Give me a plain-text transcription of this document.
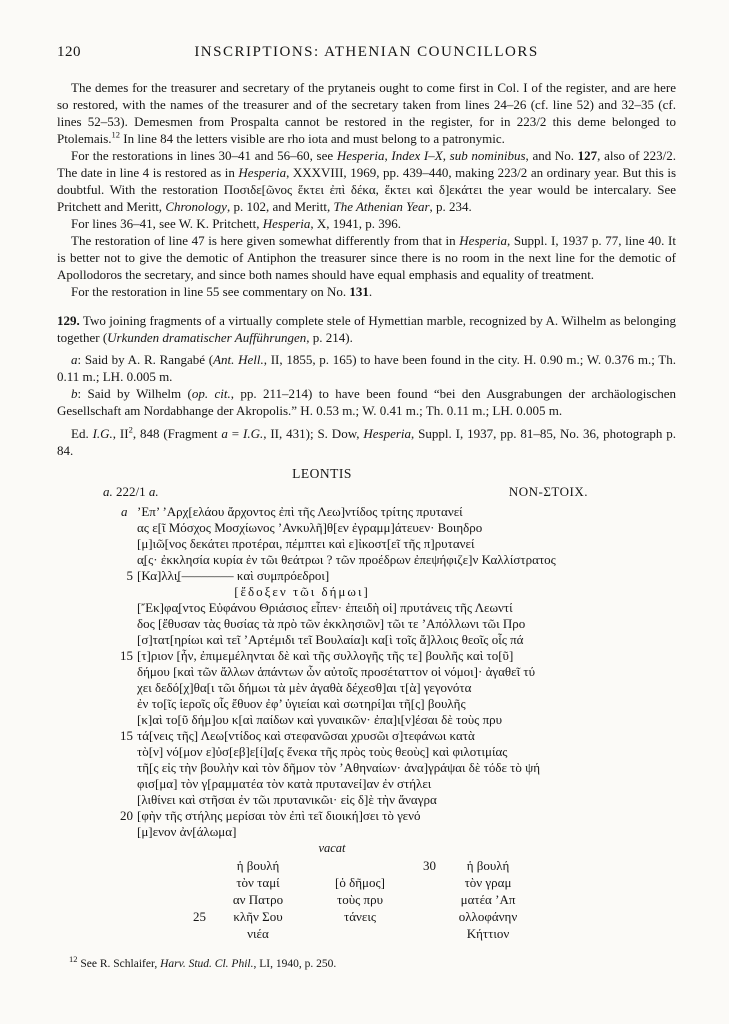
120	INSCRIPTIONS: ATHENIAN COUNCILLORS

The demes for the treasurer and secretary of the prytaneis ought to come first in Col. I of the register, and are here so restored, with the names of the treasurer and of the secretary taken from lines 24–26 (cf. line 52) and 32–35 (cf. lines 52–53). Demesmen from Prospalta cannot be restored in the register, for in 223/2 this deme belonged to Ptolemais.$^{12}$ In line 84 the letters visible are rho iota and must belong to a patronymic.

For the restorations in lines 30–41 and 56–60, see Hesperia, Index I–X, sub nominibus, and No. 127, also of 223/2. The date in line 4 is restored as in Hesperia, XXXVIII, 1969, pp. 439–440, making 223/2 an ordinary year. But this is doubtful. With the restoration Ποσιδε[ῶνος ἕκτει ἐπὶ δέκα, ἕκτει καὶ δ]εκάτει the year would be intercalary. See Pritchett and Meritt, Chronology, p. 102, and Meritt, The Athenian Year, p. 234.

For lines 36–41, see W. K. Pritchett, Hesperia, X, 1941, p. 396.

The restoration of line 47 is here given somewhat differently from that in Hesperia, Suppl. I, 1937 p. 77, line 40. It is better not to give the demotic of Antiphon the treasurer since there is no room in the next line for the demotic of Apollodoros the secretary, and since both names should have equal emphasis and equality of treatment.

For the restoration in line 55 see commentary on No. 131.

129. Two joining fragments of a virtually complete stele of Hymettian marble, recognized by A. Wilhelm as belonging together (Urkunden dramatischer Aufführungen, p. 214).

a: Said by A. R. Rangabé (Ant. Hell., II, 1855, p. 165) to have been found in the city. H. 0.90 m.; W. 0.376 m.; Th. 0.11 m.; LH. 0.005 m.

b: Said by Wilhelm (op. cit., pp. 211–214) to have been found “bei den Ausgrabungen der archäologischen Gesellschaft am Nordabhange der Akropolis.” H. 0.53 m.; W. 0.41 m.; Th. 0.11 m.; LH. 0.005 m.

Ed. I.G., $II^2$, 848 (Fragment a = I.G., II, 431); S. Dow, Hesperia, Suppl. I, 1937, pp. 81–85, No. 36, photograph p. 84.

LEONTIS
a. 222/1 a.	ΝΟΝ-ΣΤΟΙΧ.
a ’Επ’ ’Αρχ[ελάου ἄρχοντος ἐπὶ τῆς Λεω]ντίδος τρίτης πρυτανεί
ας ε[ῖ Μόσχος Μοσχίωνος ’Ανκυλῆ]θ[εν ἐγραμμ]άτευεν· Βοιηδρο
[μ]ιῶ[νος δεκάτει προτέραι, πέμπτει καὶ ε]ἰκοστ[εῖ τῆς π]ρυτανεί
α̣[ς· ἐκκλησία κυρία ἐν τῶι θεάτρωι ? τῶν προέδρων ἐπεψήφιζε]ν Καλλίστρατος
5 [Κα]λλι̣[–––––––– καὶ συμπρόεδροι]
[ἔδοξεν τῶι δήμωι]
[Ἔκ]φα̣[ντος Εὐφάνου Θριάσιος εἶπεν· ἐπειδὴ οἱ] πρυτάνεις τῆς Λεωντί
δος [ἔθυσαν τὰς θυσίας τὰ πρὸ τῶν ἐκκλησιῶν] τῶι τε ’Απόλλωνι τῶι Προ
[σ]τατ[ηρίωι καὶ τεῖ ’Αρτέμιδι τεῖ Βουλαία]ι κα[ὶ τοῖς ἄ]λλοις θεοῖς οἷς πά
15 [τ]ριον [ἦν, ἐπιμεμέληνται δὲ καὶ τῆς συλλογῆς τῆς τε] βουλῆς καὶ το[ῦ]
δήμου [καὶ τῶν ἄλλων ἁπάντων ὧν αὐτοῖς προσέταττον οἱ νόμοι]· ἀγαθεῖ τύ
χει δεδό[χ]θα[ι τῶι δήμωι τὰ μὲν ἀγαθὰ δέχεσθ]αι τ[ὰ] γεγονότα
ἐν το[ῖς ἱεροῖς οἷς ἔθυον ἐφ’ ὑγιείαι καὶ σωτηρί]αι τῆ[ς] βουλῆς
[κ]αὶ το[ῦ δήμ]ου κ[αὶ παίδων καὶ γυναικῶν· ἐπα]ι[ν]έσαι δὲ τοὺς πρυ
15 τά[νεις τῆς] Λεω[ντίδος καὶ στεφανῶσαι χρυσῶι σ]τεφάνωι κατὰ
τὸ[ν] νό[μον ε]ὐσ[εβ]ε[ί]α[ς ἕνεκα τῆς πρὸς τοὺς θεοὺς] καὶ φιλοτιμίας
τῆ[ς εἰς τὴν βουλὴν καὶ τὸν δῆμον τὸν ’Αθηναίων· ἀνα]γράψαι δὲ τόδε τὸ ψή
φισ[μα] τὸν γ[ραμματέα τὸν κατὰ πρυτανεί]αν ἐν στήλει
[λιθίνει καὶ στῆσαι ἐν τῶι πρυτανικῶι· εἰς δ]ὲ τὴν ἄναγρα
20 [φὴν τῆς στήλης μερίσαι τὸν ἐπὶ τεῖ διοική]σει τὸ γενό
[μ]ενον ἀν[άλωμα]
vacat
ἡ βουλή
τὸν ταμί
αν Πατρο
25 κλῆν Σου
νιέα
[ὁ δῆμος]
τοὺς πρυ
τάνεις
30 ἡ βουλή
τὸν γραμ
ματέα ’Απ
ολλοφάνην
Κήττιον

$^{12}$ See R. Schlaifer, Harv. Stud. Cl. Phil., LI, 1940, p. 250.
